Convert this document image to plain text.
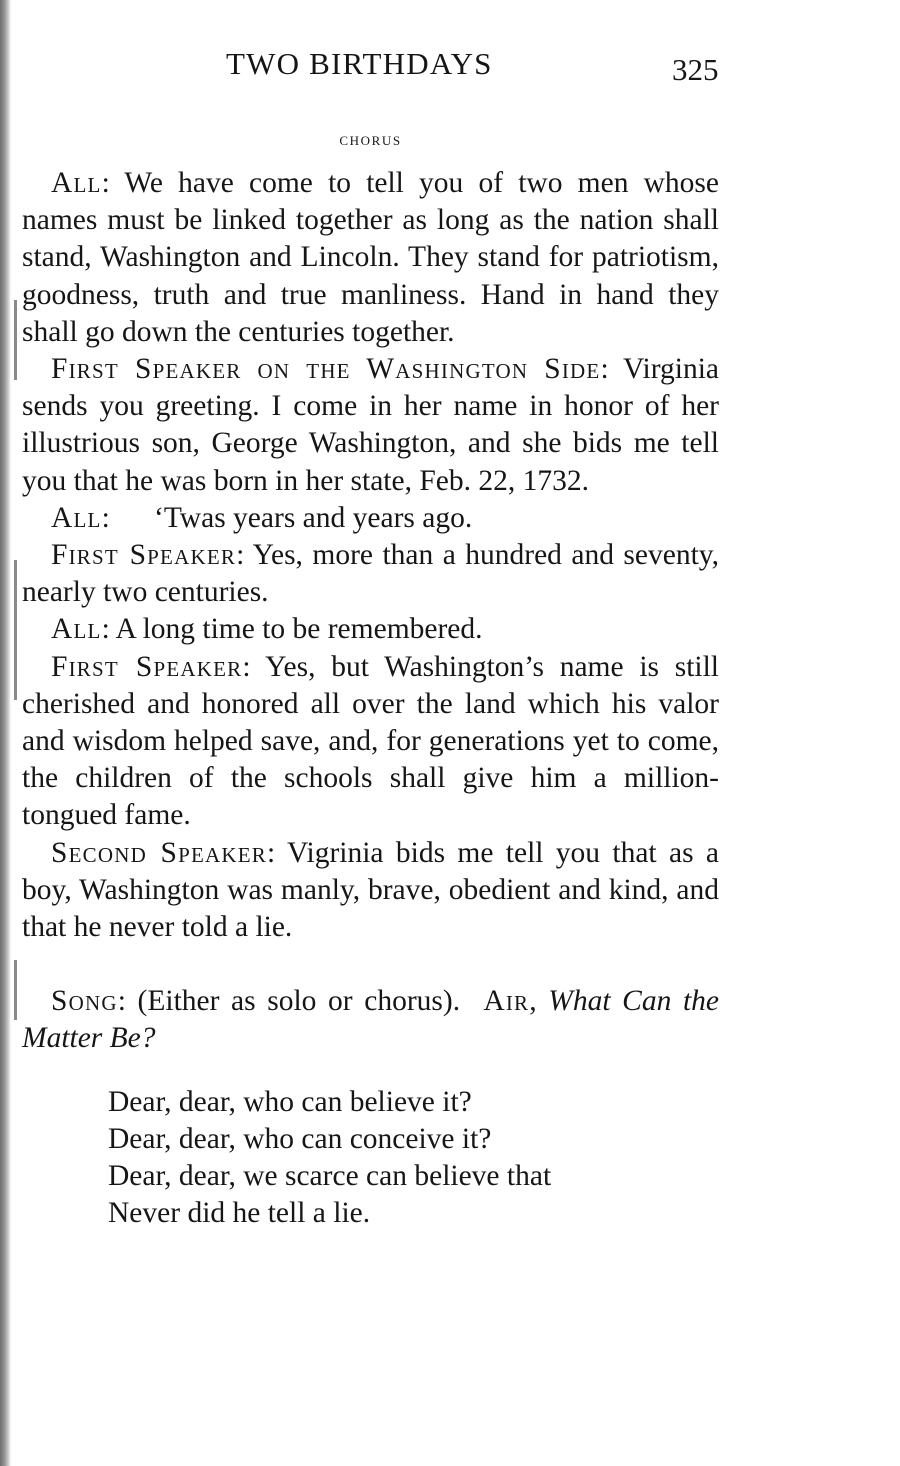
TWO BIRTHDAYS	325
chorus

All: We have come to tell you of two men whose names must be linked together as long as the nation shall stand, Washington and Lincoln. They stand for patriotism, goodness, truth and true manliness. Hand in hand they shall go down the centuries together.

First Speaker on the Washington Side: Virginia sends you greeting. I come in her name in honor of her illustrious son, George Washington, and she bids me tell you that he was born in her state, Feb. 22, 1732.

All:      ‘Twas years and years ago.

First Speaker: Yes, more than a hundred and seventy, nearly two centuries.

All: A long time to be remembered.

First Speaker: Yes, but Washington’s name is still cherished and honored all over the land which his valor and wisdom helped save, and, for generations yet to come, the children of the schools shall give him a million-tongued fame.

Second Speaker: Vigrinia bids me tell you that as a boy, Washington was manly, brave, obedient and kind, and that he never told a lie.

Song: (Either as solo or chorus). Air, What Can the Matter Be?

Dear, dear, who can believe it?
Dear, dear, who can conceive it?
Dear, dear, we scarce can believe that
Never did he tell a lie.
